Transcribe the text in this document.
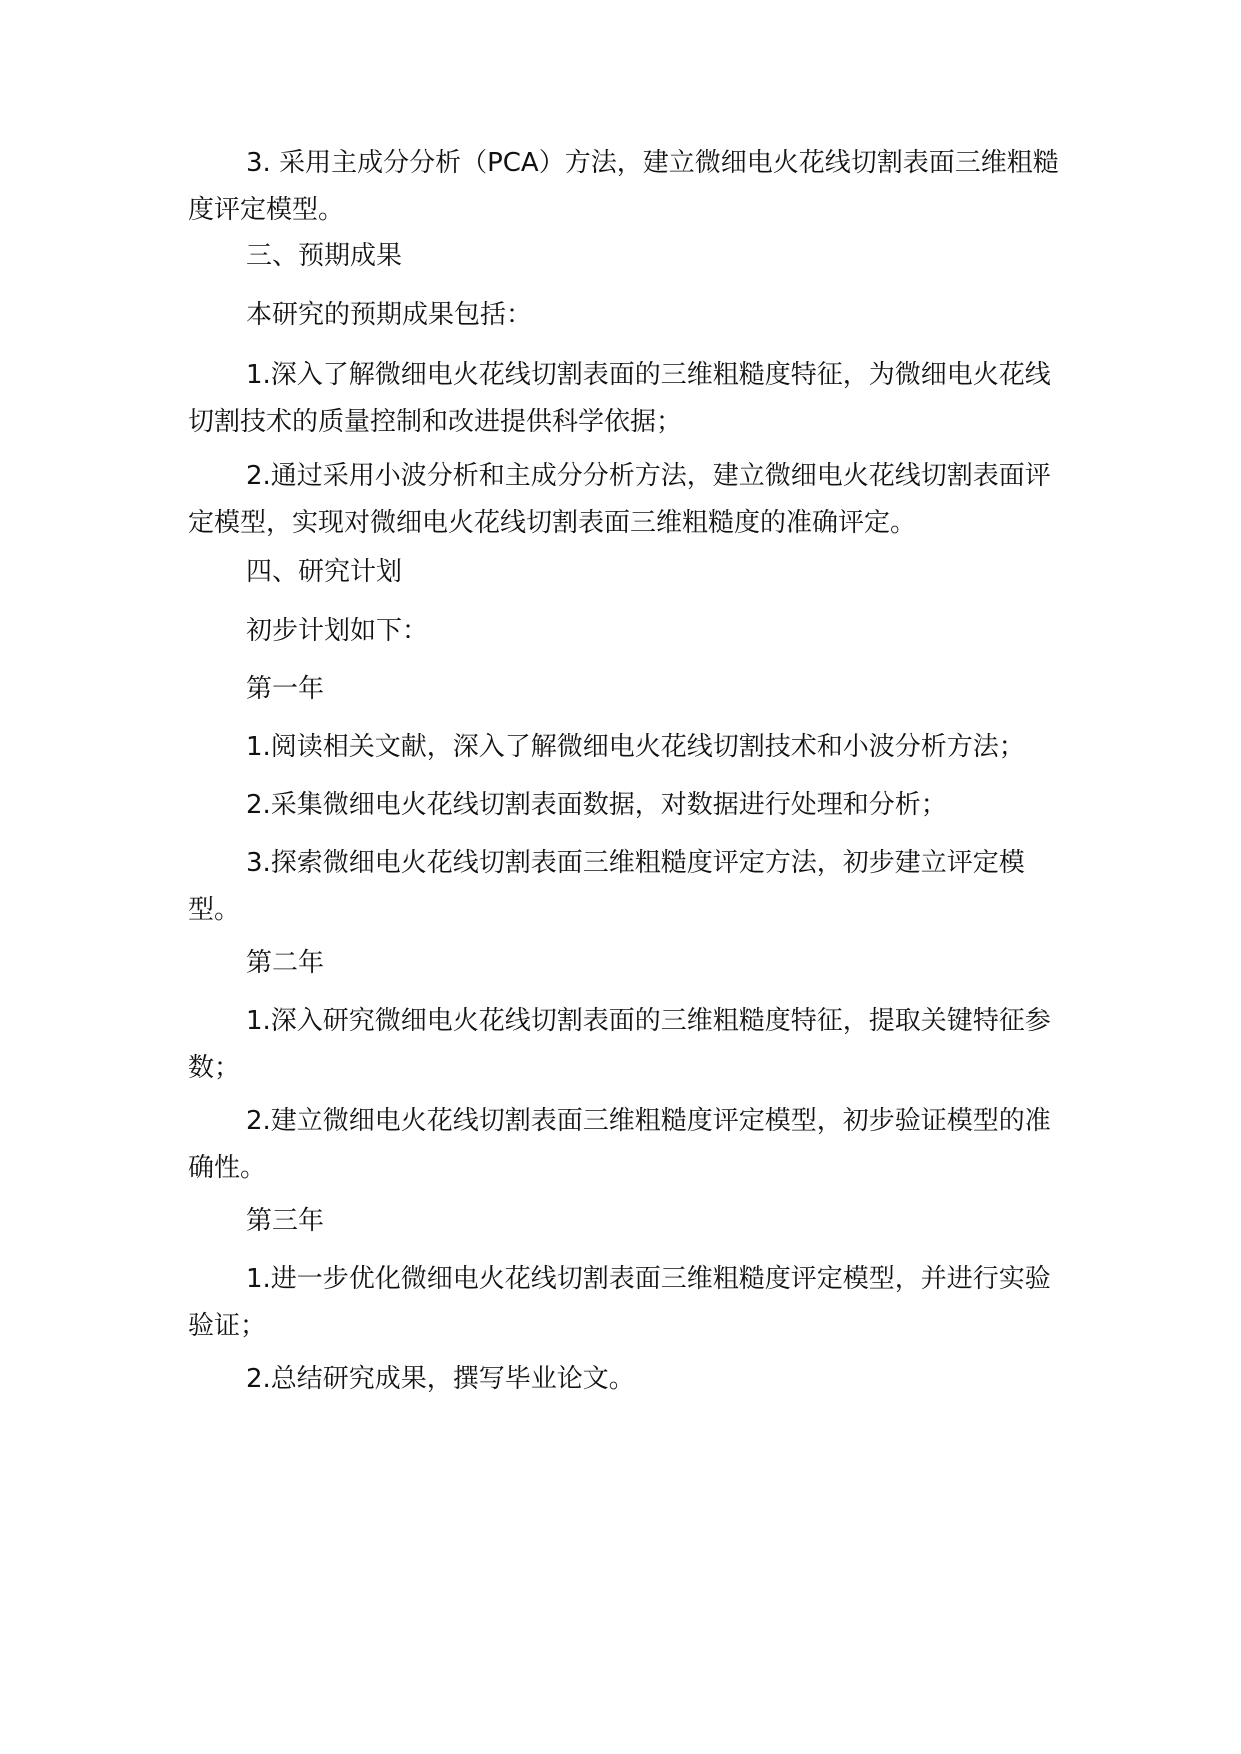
3. 采用主成分分析（PCA）方法，建立微细电火花线切割表面三维粗糙度评定模型。

三、预期成果

本研究的预期成果包括：

1.深入了解微细电火花线切割表面的三维粗糙度特征，为微细电火花线切割技术的质量控制和改进提供科学依据；

2.通过采用小波分析和主成分分析方法，建立微细电火花线切割表面评定模型，实现对微细电火花线切割表面三维粗糙度的准确评定。

四、研究计划

初步计划如下：

第一年

1.阅读相关文献，深入了解微细电火花线切割技术和小波分析方法；

2.采集微细电火花线切割表面数据，对数据进行处理和分析；

3.探索微细电火花线切割表面三维粗糙度评定方法，初步建立评定模型。

第二年

1.深入研究微细电火花线切割表面的三维粗糙度特征，提取关键特征参数；

2.建立微细电火花线切割表面三维粗糙度评定模型，初步验证模型的准确性。

第三年

1.进一步优化微细电火花线切割表面三维粗糙度评定模型，并进行实验验证；

2.总结研究成果，撰写毕业论文。
